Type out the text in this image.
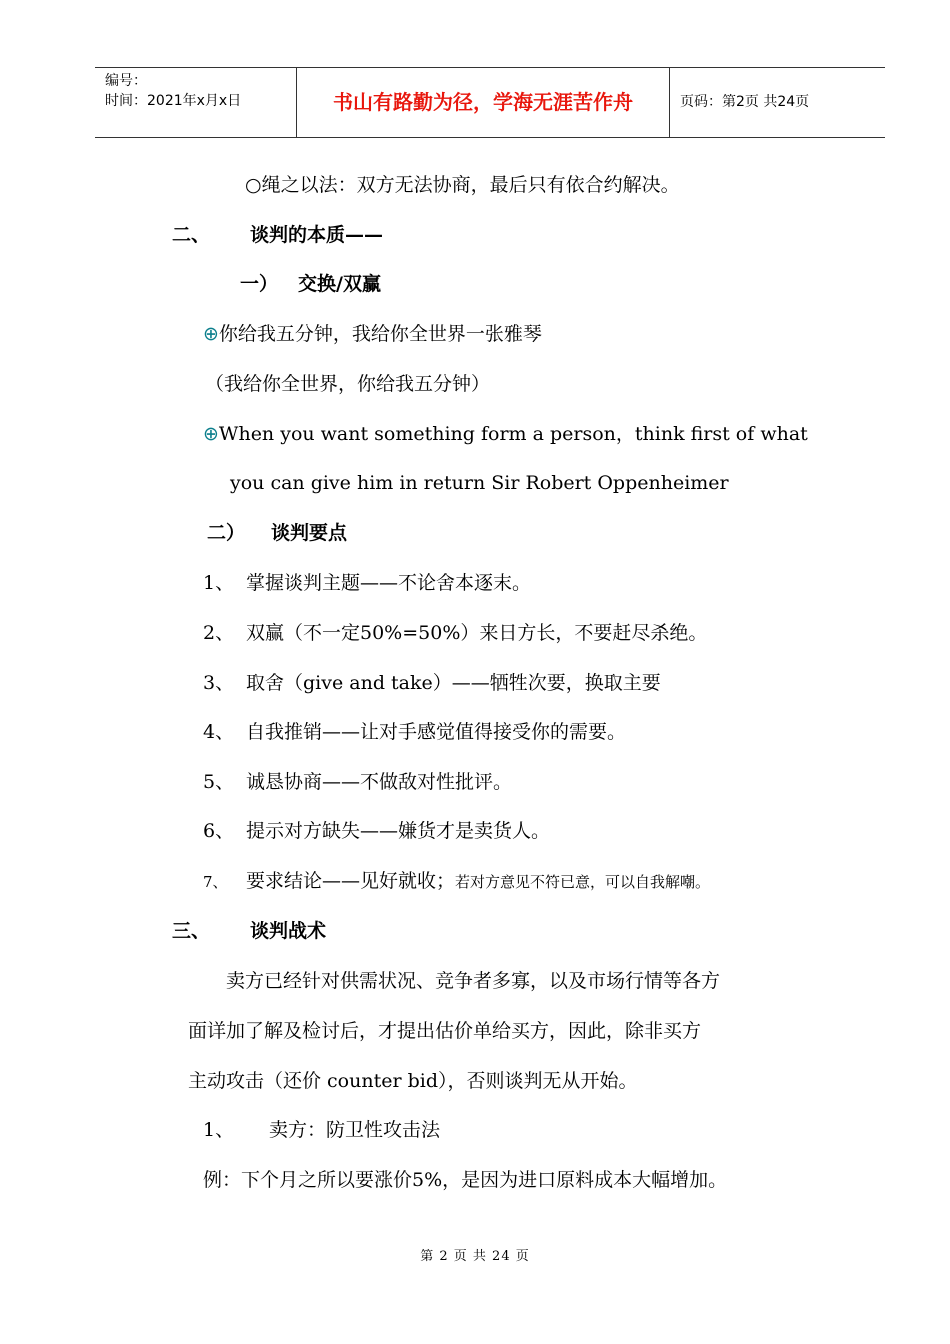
编号：
时间：2021年x月x日	书山有路勤为径，学海无涯苦作舟	页码：第2页 共24页
○绳之以法：双方无法协商，最后只有依合约解决。
二、 谈判的本质——
一） 交换/双赢
⊕你给我五分钟，我给你全世界一张雅琴
（我给你全世界，你给我五分钟）
⊕When you want something form a person，think first of what
you can give him in return Sir Robert Oppenheimer
二） 谈判要点
1、 掌握谈判主题——不论舍本逐末。
2、 双赢（不一定50%=50%）来日方长，不要赶尽杀绝。
3、 取舍（give and take）——牺牲次要，换取主要
4、 自我推销——让对手感觉值得接受你的需要。
5、 诚恳协商——不做敌对性批评。
6、 提示对方缺失——嫌货才是卖货人。
7、 要求结论——见好就收；若对方意见不符已意，可以自我解嘲。
三、 谈判战术
卖方已经针对供需状况、竞争者多寡，以及市场行情等各方
面详加了解及检讨后，才提出估价单给买方，因此，除非买方
主动攻击（还价 counter bid），否则谈判无从开始。
1、 卖方：防卫性攻击法
例：下个月之所以要涨价5%，是因为进口原料成本大幅增加。
第 2 页 共 24 页
